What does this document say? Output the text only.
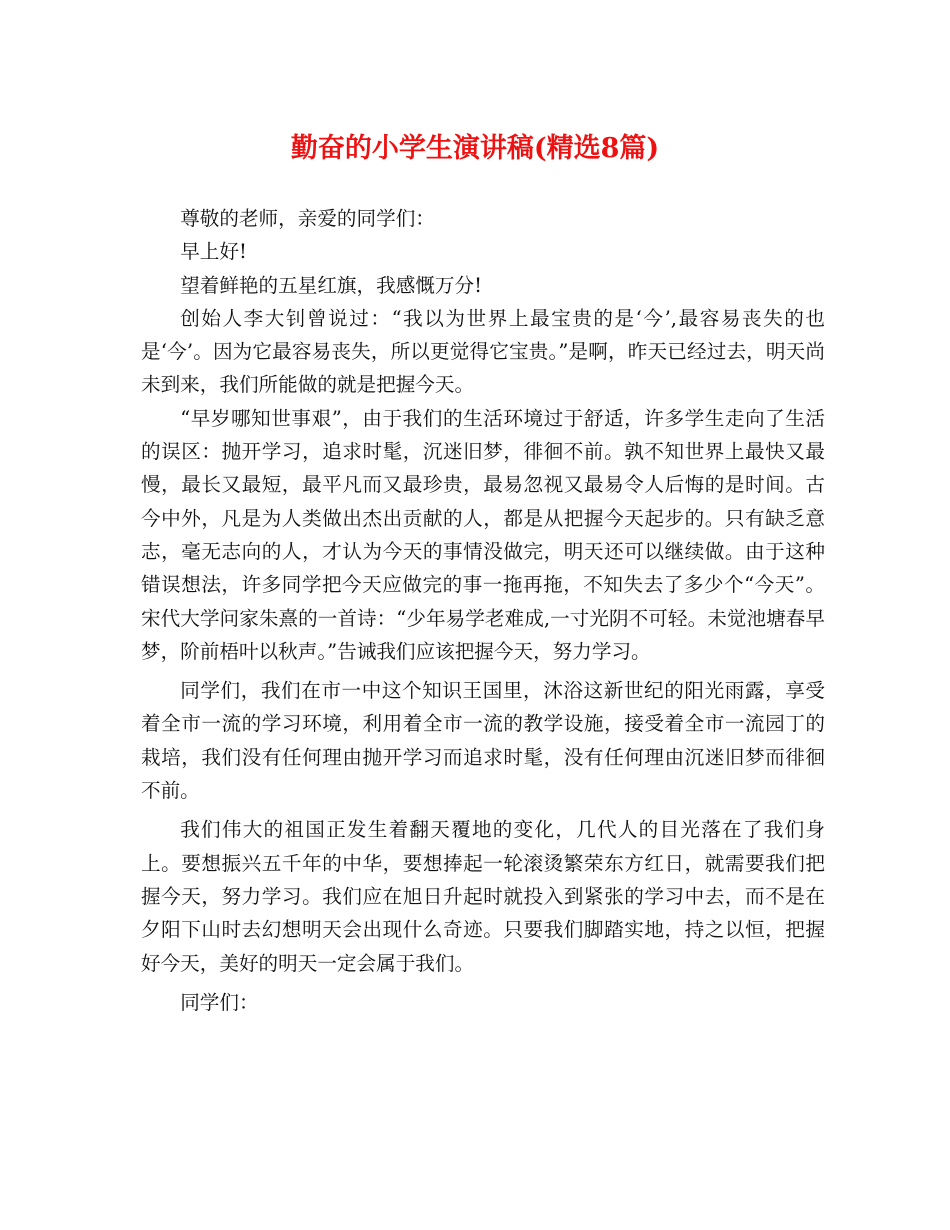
勤奋的小学生演讲稿(精选8篇)

尊敬的老师，亲爱的同学们：

早上好!

望着鲜艳的五星红旗，我感慨万分!

创始人李大钊曾说过：“我以为世界上最宝贵的是‘今’,最容易丧失的也是‘今’。因为它最容易丧失，所以更觉得它宝贵。”是啊，昨天已经过去，明天尚未到来，我们所能做的就是把握今天。

“早岁哪知世事艰”，由于我们的生活环境过于舒适，许多学生走向了生活的误区：抛开学习，追求时髦，沉迷旧梦，徘徊不前。孰不知世界上最快又最慢，最长又最短，最平凡而又最珍贵，最易忽视又最易令人后悔的是时间。古今中外，凡是为人类做出杰出贡献的人，都是从把握今天起步的。只有缺乏意志，毫无志向的人，才认为今天的事情没做完，明天还可以继续做。由于这种错误想法，许多同学把今天应做完的事一拖再拖，不知失去了多少个“今天”。宋代大学问家朱熹的一首诗：“少年易学老难成,一寸光阴不可轻。未觉池塘春早梦，阶前梧叶以秋声。”告诫我们应该把握今天，努力学习。

同学们，我们在市一中这个知识王国里，沐浴这新世纪的阳光雨露，享受着全市一流的学习环境，利用着全市一流的教学设施，接受着全市一流园丁的栽培，我们没有任何理由抛开学习而追求时髦，没有任何理由沉迷旧梦而徘徊不前。

我们伟大的祖国正发生着翻天覆地的变化，几代人的目光落在了我们身上。要想振兴五千年的中华，要想捧起一轮滚烫繁荣东方红日，就需要我们把握今天，努力学习。我们应在旭日升起时就投入到紧张的学习中去，而不是在夕阳下山时去幻想明天会出现什么奇迹。只要我们脚踏实地，持之以恒，把握好今天，美好的明天一定会属于我们。

同学们：
